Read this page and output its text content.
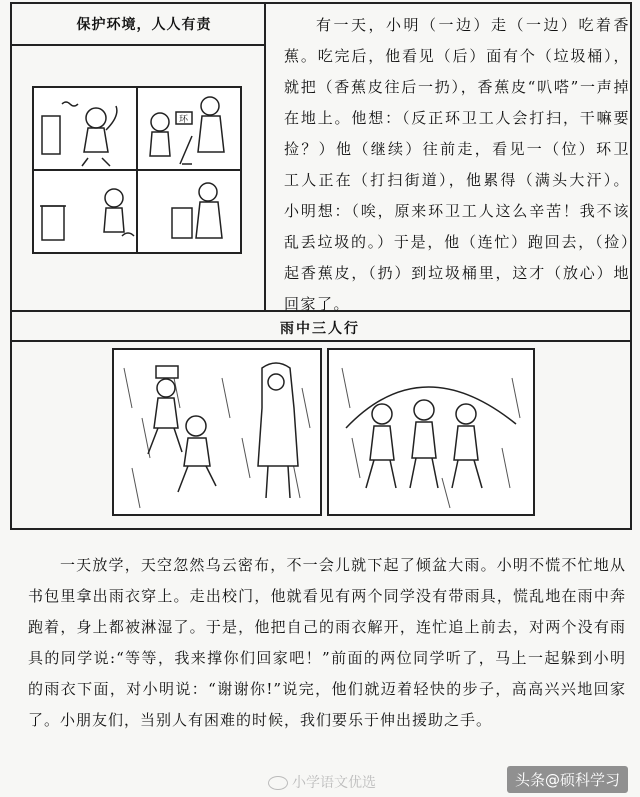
保护环境，人人有责
环
有一天，小明（一边）走（一边）吃着香蕉。吃完后，他看见（后）面有个（垃圾桶），就把（香蕉皮往后一扔），香蕉皮“叭嗒”一声掉在地上。他想：（反正环卫工人会打扫，干嘛要捡？）他（继续）往前走，看见一（位）环卫工人正在（打扫街道），他累得（满头大汗）。小明想：（唉，原来环卫工人这么辛苦！我不该乱丢垃圾的。）于是，他（连忙）跑回去，（捡）起香蕉皮，（扔）到垃圾桶里，这才（放心）地回家了。
雨中三人行
一天放学，天空忽然乌云密布，不一会儿就下起了倾盆大雨。小明不慌不忙地从书包里拿出雨衣穿上。走出校门，他就看见有两个同学没有带雨具，慌乱地在雨中奔跑着，身上都被淋湿了。于是，他把自己的雨衣解开，连忙追上前去，对两个没有雨具的同学说:“等等，我来撑你们回家吧！”前面的两位同学听了，马上一起躲到小明的雨衣下面，对小明说：“谢谢你!”说完，他们就迈着轻快的步子，高高兴兴地回家了。小朋友们，当别人有困难的时候，我们要乐于伸出援助之手。
小学语文优选	头条@硕科学习
